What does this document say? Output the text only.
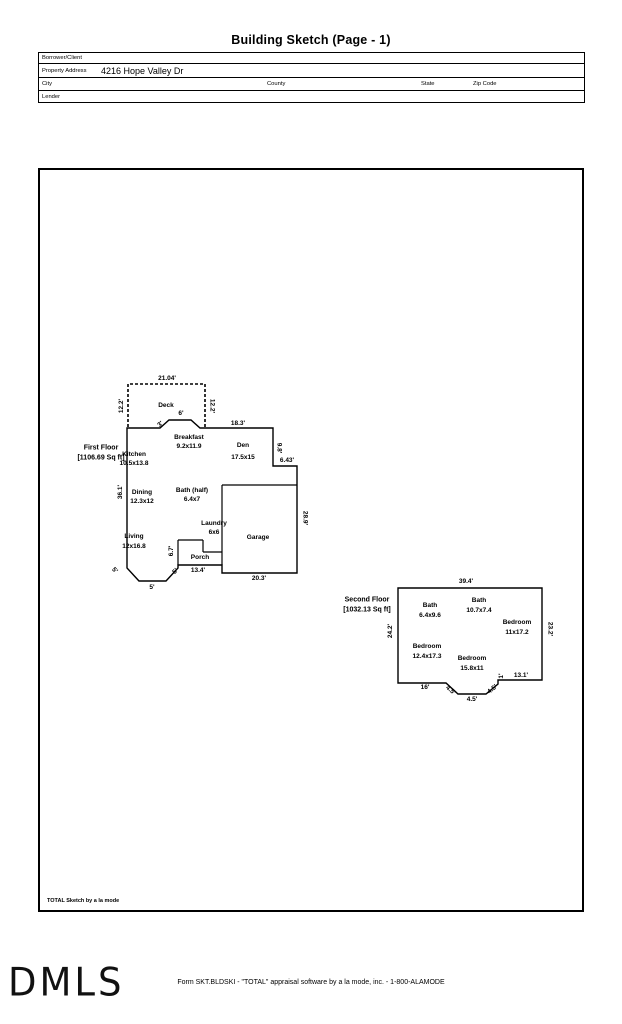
Building Sketch (Page - 1)
Borrower/Client
Property Address 4216 Hope Valley Dr
City	County	State	Zip Code
Lender
TOTAL Sketch by a la mode
21.04'
12.2'	12.2'
Deck
3'
6'
Breakfast
9.2x11.9
18.3'
First Floor
[1106.69 Sq ft]
Kitchen
10.5x13.8
Den
17.5x15
9.8'
6.43'
36.1' Dining
12.3x12
Bath (half)
6.4x7
Laundry
6x6
Living
12x16.8
Garage
6.7'
Porch
13.4'
20.3'
28.9'
5'
5'
5'
Second Floor
[1032.13 Sq ft]
39.4'
24.2'	23.2'
Bath
6.4x9.6
Bath
10.7x7.4
Bedroom
11x17.2
Bedroom
12.4x17.3	Bedroom
15.8x11
16' 4.5'
4.5'
4.5'
1' 13.1'
DMLS	Form SKT.BLDSKI - "TOTAL" appraisal software by a la mode, inc. - 1-800-ALAMODE
